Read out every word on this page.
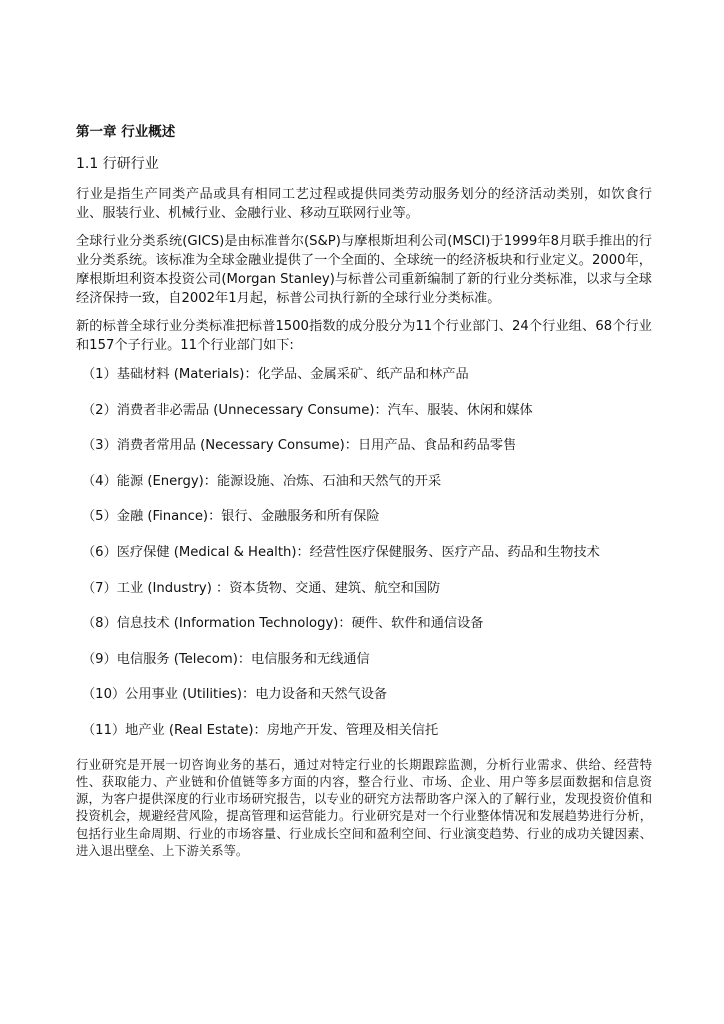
第一章 行业概述
1.1 行研行业

行业是指生产同类产品或具有相同工艺过程或提供同类劳动服务划分的经济活动类别，如饮食行业、服装行业、机械行业、金融行业、移动互联网行业等。

全球行业分类系统(GICS)是由标准普尔(S&P)与摩根斯坦利公司(MSCI)于1999年8月联手推出的行业分类系统。该标准为全球金融业提供了一个全面的、全球统一的经济板块和行业定义。2000年，摩根斯坦利资本投资公司(Morgan Stanley)与标普公司重新编制了新的行业分类标准，以求与全球经济保持一致，自2002年1月起，标普公司执行新的全球行业分类标准。

新的标普全球行业分类标准把标普1500指数的成分股分为11个行业部门、24个行业组、68个行业和157个子行业。11个行业部门如下:

（1）基础材料 (Materials)：化学品、金属采矿、纸产品和林产品
（2）消费者非必需品 (Unnecessary Consume)：汽车、服装、休闲和媒体
（3）消费者常用品 (Necessary Consume)：日用产品、食品和药品零售
（4）能源 (Energy)：能源设施、冶炼、石油和天然气的开采
（5）金融 (Finance)：银行、金融服务和所有保险
（6）医疗保健 (Medical & Health)：经营性医疗保健服务、医疗产品、药品和生物技术
（7）工业 (Industry) ：资本货物、交通、建筑、航空和国防
（8）信息技术 (Information Technology)：硬件、软件和通信设备
（9）电信服务 (Telecom)：电信服务和无线通信
（10）公用事业 (Utilities)：电力设备和天然气设备
（11）地产业 (Real Estate)：房地产开发、管理及相关信托

行业研究是开展一切咨询业务的基石，通过对特定行业的长期跟踪监测，分析行业需求、供给、经营特性、获取能力、产业链和价值链等多方面的内容，整合行业、市场、企业、用户等多层面数据和信息资源，为客户提供深度的行业市场研究报告，以专业的研究方法帮助客户深入的了解行业，发现投资价值和投资机会，规避经营风险，提高管理和运营能力。行业研究是对一个行业整体情况和发展趋势进行分析，包括行业生命周期、行业的市场容量、行业成长空间和盈利空间、行业演变趋势、行业的成功关键因素、进入退出壁垒、上下游关系等。
